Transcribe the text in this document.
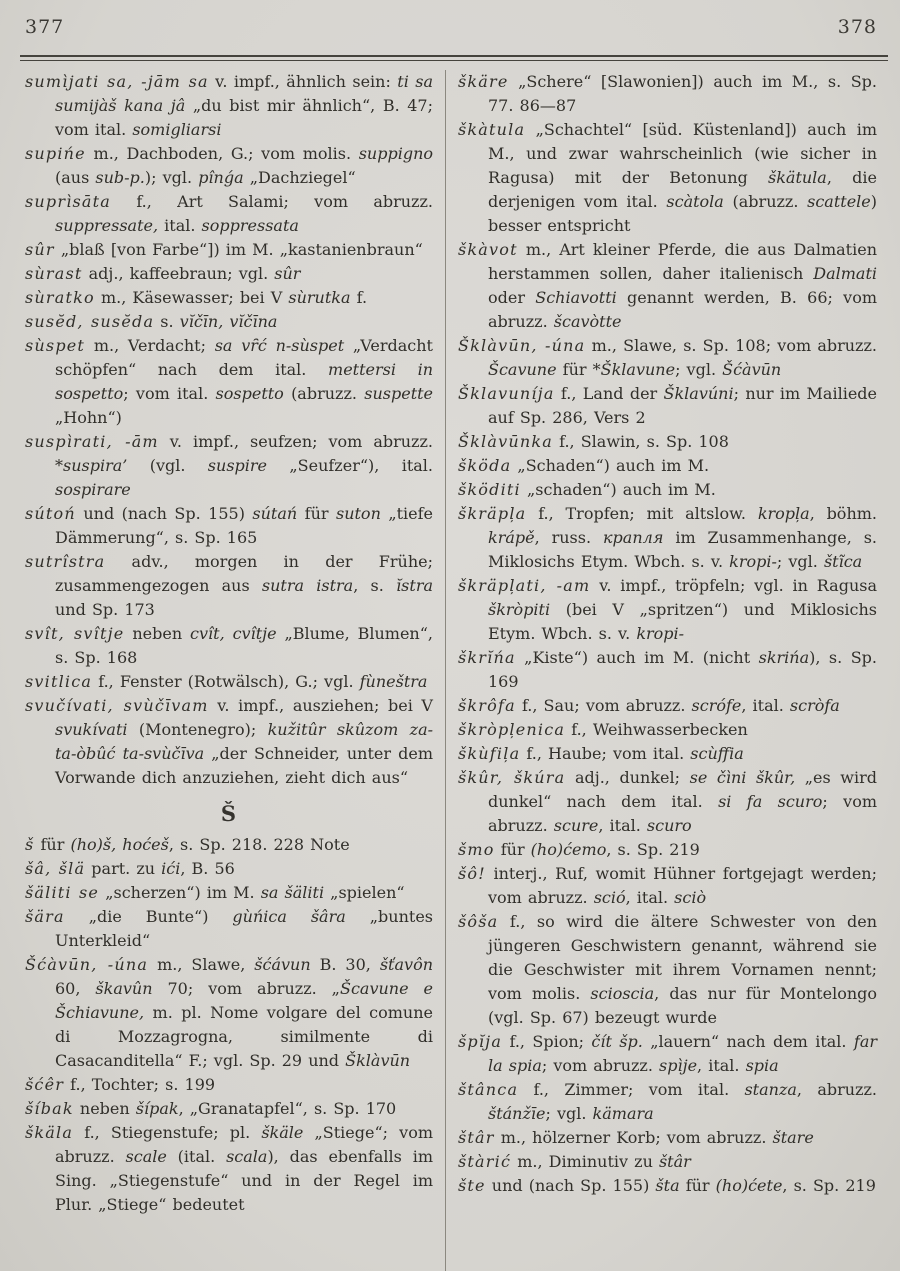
377	378

sumìjati sa, -jām sa v. impf., ähnlich sein: ti sa sumijàš kana jâ „du bist mir ähnlich“, B. 47; vom ital. somigliarsi

supińe m., Dachboden, G.; vom molis. suppigno (aus sub-p.); vgl. pînǵa „Dachziegel“

suprìsāta f., Art Salami; vom abruzz. suppressate, ital. soppressata

sûr „blaß [von Farbe“]) im M. „kastanienbraun“

sùrast adj., kaffeebraun; vgl. sûr

sùratko m., Käsewasser; bei V sùrutka f.

susĕd, susĕda s. vĭčīn, vĭčīna

sùspet m., Verdacht; sa vȓć n-sùspet „Verdacht schöpfen“ nach dem ital. mettersi in sospetto; vom ital. sospetto (abruzz. suspette „Hohn“)

suspìrati, -ām v. impf., seufzen; vom abruzz. *suspira’ (vgl. suspire „Seufzer“), ital. sospirare

sútoń und (nach Sp. 155) sútań für suton „tiefe Dämmerung“, s. Sp. 165

sutrîstra adv., morgen in der Frühe; zusammengezogen aus sutra istra, s. ĭstra und Sp. 173

svît, svîtje neben cvît, cvîtje „Blume, Blumen“, s. Sp. 168

svitlica f., Fenster (Rotwälsch), G.; vgl. fùneštra

svučívati, svùčīvam v. impf., ausziehen; bei V svukívati (Montenegro); kužitûr skûzom za-ta-òbûć ta-svùčīva „der Schneider, unter dem Vorwande dich anzuziehen, zieht dich aus“

Š

š für (ho)š, hoćeš, s. Sp. 218. 228 Note

šâ, šlä part. zu ići, B. 56

šäliti se „scherzen“) im M. sa šäliti „spielen“

šära „die Bunte“) gùńica šâra „buntes Unterkleid“

Šćàvūn, -úna m., Slawe, šćávun B. 30, šťavôn 60, škavûn 70; vom abruzz. „Šcavune e Šchiavune, m. pl. Nome volgare del comune di Mozzagrogna, similmente di Casacanditella“ F.; vgl. Sp. 29 und Šklàvūn

šćêr f., Tochter; s. 199

šíbak neben šípak, „Granatapfel“, s. Sp. 170

škäla f., Stiegenstufe; pl. škäle „Stiege“; vom abruzz. scale (ital. scala), das ebenfalls im Sing. „Stiegenstufe“ und in der Regel im Plur. „Stiege“ bedeutet

škäre „Schere“ [Slawonien]) auch im M., s. Sp. 77. 86—87

škàtula „Schachtel“ [süd. Küstenland]) auch im M., und zwar wahrscheinlich (wie sicher in Ragusa) mit der Betonung škätula, die derjenigen vom ital. scàtola (abruzz. scattele) besser entspricht

škàvot m., Art kleiner Pferde, die aus Dalmatien herstammen sollen, daher italienisch Dalmati oder Schiavotti genannt werden, B. 66; vom abruzz. šcavòtte

Šklàvūn, -úna m., Slawe, s. Sp. 108; vom abruzz. Šcavune für *Šklavune; vgl. Šćàvūn

Šklavuníja f., Land der Šklavúni; nur im Mailiede auf Sp. 286, Vers 2

Šklàvūnka f., Slawin, s. Sp. 108

šköda „Schaden“) auch im M.

šköditi „schaden“) auch im M.

škräpļa f., Tropfen; mit altslow. kropļa, böhm. krápě, russ. крапля im Zusammenhange, s. Miklosichs Etym. Wbch. s. v. kropi-; vgl. štĩca

škräpļati, -am v. impf., tröpfeln; vgl. in Ragusa škròpiti (bei V „spritzen“) und Miklosichs Etym. Wbch. s. v. kropi-

škrĭńa „Kiste“) auch im M. (nicht skrińa), s. Sp. 169

škrôfa f., Sau; vom abruzz. scrófe, ital. scròfa

škròpļenica f., Weihwasserbecken

škùfiļa f., Haube; vom ital. scùffia

škûr, škúra adj., dunkel; se čìni škûr, „es wird dunkel“ nach dem ital. si fa scuro; vom abruzz. scure, ital. scuro

šmo für (ho)ćemo, s. Sp. 219

šô! interj., Ruf, womit Hühner fortgejagt werden; vom abruzz. sció, ital. sciò

šôša f., so wird die ältere Schwester von den jüngeren Geschwistern genannt, während sie die Geschwister mit ihrem Vornamen nennt; vom molis. scioscia, das nur für Montelongo (vgl. Sp. 67) bezeugt wurde

špĭja f., Spion; čít šp. „lauern“ nach dem ital. far la spia; vom abruzz. spìje, ital. spia

štânca f., Zimmer; vom ital. stanza, abruzz. štánžīe; vgl. kämara

štâr m., hölzerner Korb; vom abruzz. štare

štàrić m., Diminutiv zu štâr

šte und (nach Sp. 155) šta für (ho)ćete, s. Sp. 219
